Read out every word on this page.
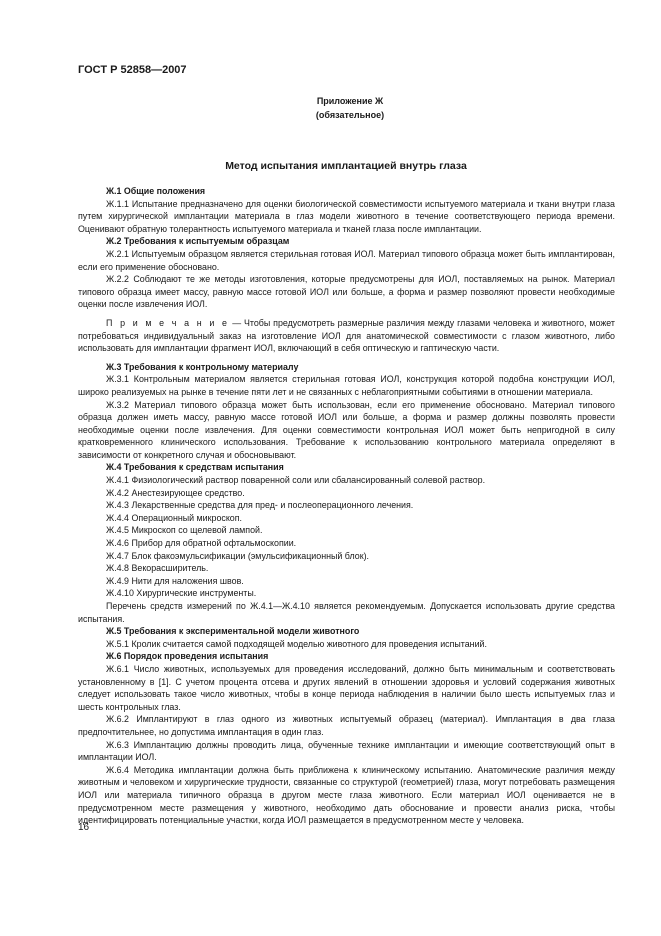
ГОСТ Р 52858—2007
Приложение Ж
(обязательное)
Метод испытания имплантацией внутрь глаза

Ж.1 Общие положения

Ж.1.1 Испытание предназначено для оценки биологической совместимости испытуемого материала и ткани внутри глаза путем хирургической имплантации материала в глаз модели животного в течение соответствующего периода времени. Оценивают обратную толерантность испытуемого материала и тканей глаза после имплантации.

Ж.2 Требования к испытуемым образцам

Ж.2.1 Испытуемым образцом является стерильная готовая ИОЛ. Материал типового образца может быть имплантирован, если его применение обосновано.

Ж.2.2 Соблюдают те же методы изготовления, которые предусмотрены для ИОЛ, поставляемых на рынок. Материал типового образца имеет массу, равную массе готовой ИОЛ или больше, а форма и размер позволяют провести необходимые оценки после извлечения ИОЛ.

П р и м е ч а н и е — Чтобы предусмотреть размерные различия между глазами человека и животного, может потребоваться индивидуальный заказ на изготовление ИОЛ для анатомической совместимости с глазом животного, либо использовать для имплантации фрагмент ИОЛ, включающий в себя оптическую и гаптическую части.

Ж.3 Требования к контрольному материалу

Ж.3.1 Контрольным материалом является стерильная готовая ИОЛ, конструкция которой подобна конструкции ИОЛ, широко реализуемых на рынке в течение пяти лет и не связанных с неблагоприятными событиями в отношении материала.

Ж.3.2 Материал типового образца может быть использован, если его применение обосновано. Материал типового образца должен иметь массу, равную массе готовой ИОЛ или больше, а форма и размер должны позволять провести необходимые оценки после извлечения. Для оценки совместимости контрольная ИОЛ может быть непригодной в силу кратковременного клинического использования. Требование к использованию контрольного материала определяют в зависимости от конкретного случая и обосновывают.

Ж.4 Требования к средствам испытания

Ж.4.1 Физиологический раствор поваренной соли или сбалансированный солевой раствор.

Ж.4.2 Анестезирующее средство.

Ж.4.3 Лекарственные средства для пред- и послеоперационного лечения.

Ж.4.4 Операционный микроскоп.

Ж.4.5 Микроскоп со щелевой лампой.

Ж.4.6 Прибор для обратной офтальмоскопии.

Ж.4.7 Блок факоэмульсификации (эмульсификационный блок).

Ж.4.8 Векорасширитель.

Ж.4.9 Нити для наложения швов.

Ж.4.10 Хирургические инструменты.

Перечень средств измерений по Ж.4.1—Ж.4.10 является рекомендуемым. Допускается использовать другие средства испытания.

Ж.5 Требования к экспериментальной модели животного

Ж.5.1 Кролик считается самой подходящей моделью животного для проведения испытаний.

Ж.6 Порядок проведения испытания

Ж.6.1 Число животных, используемых для проведения исследований, должно быть минимальным и соответствовать установленному в [1]. С учетом процента отсева и других явлений в отношении здоровья и условий содержания животных следует использовать такое число животных, чтобы в конце периода наблюдения в наличии было шесть испытуемых глаз и шесть контрольных глаз.

Ж.6.2 Имплантируют в глаз одного из животных испытуемый образец (материал). Имплантация в два глаза предпочтительнее, но допустима имплантация в один глаз.

Ж.6.3 Имплантацию должны проводить лица, обученные технике имплантации и имеющие соответствующий опыт в имплантации ИОЛ.

Ж.6.4 Методика имплантации должна быть приближена к клиническому испытанию. Анатомические различия между животным и человеком и хирургические трудности, связанные со структурой (геометрией) глаза, могут потребовать размещения ИОЛ или материала типичного образца в другом месте глаза животного. Если материал ИОЛ оценивается не в предусмотренном месте размещения у животного, необходимо дать обоснование и провести анализ риска, чтобы идентифицировать потенциальные участки, когда ИОЛ размещается в предусмотренном месте у человека.

16
